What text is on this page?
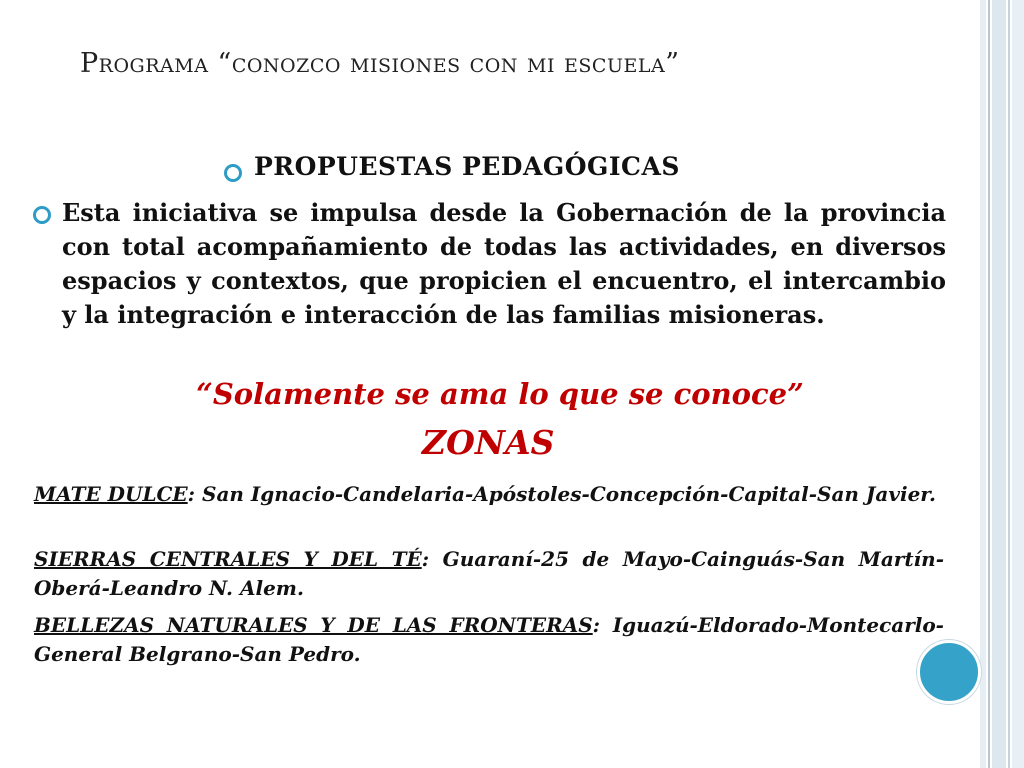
Programa “conozco misiones con mi escuela”
PROPUESTAS PEDAGÓGICAS

Esta iniciativa se impulsa desde la Gobernación de la provincia con total acompañamiento de todas las actividades, en diversos espacios y contextos, que propicien el encuentro, el intercambio y la integración e interacción de las familias misioneras.

“Solamente se ama lo que se conoce”

ZONAS

MATE DULCE: San Ignacio-Candelaria-Apóstoles-Concepción-Capital-San Javier.

SIERRAS CENTRALES Y DEL TÉ: Guaraní-25 de Mayo-Cainguás-San Martín-Oberá-Leandro N. Alem.

BELLEZAS NATURALES Y DE LAS FRONTERAS: Iguazú-Eldorado-Montecarlo-General Belgrano-San Pedro.
